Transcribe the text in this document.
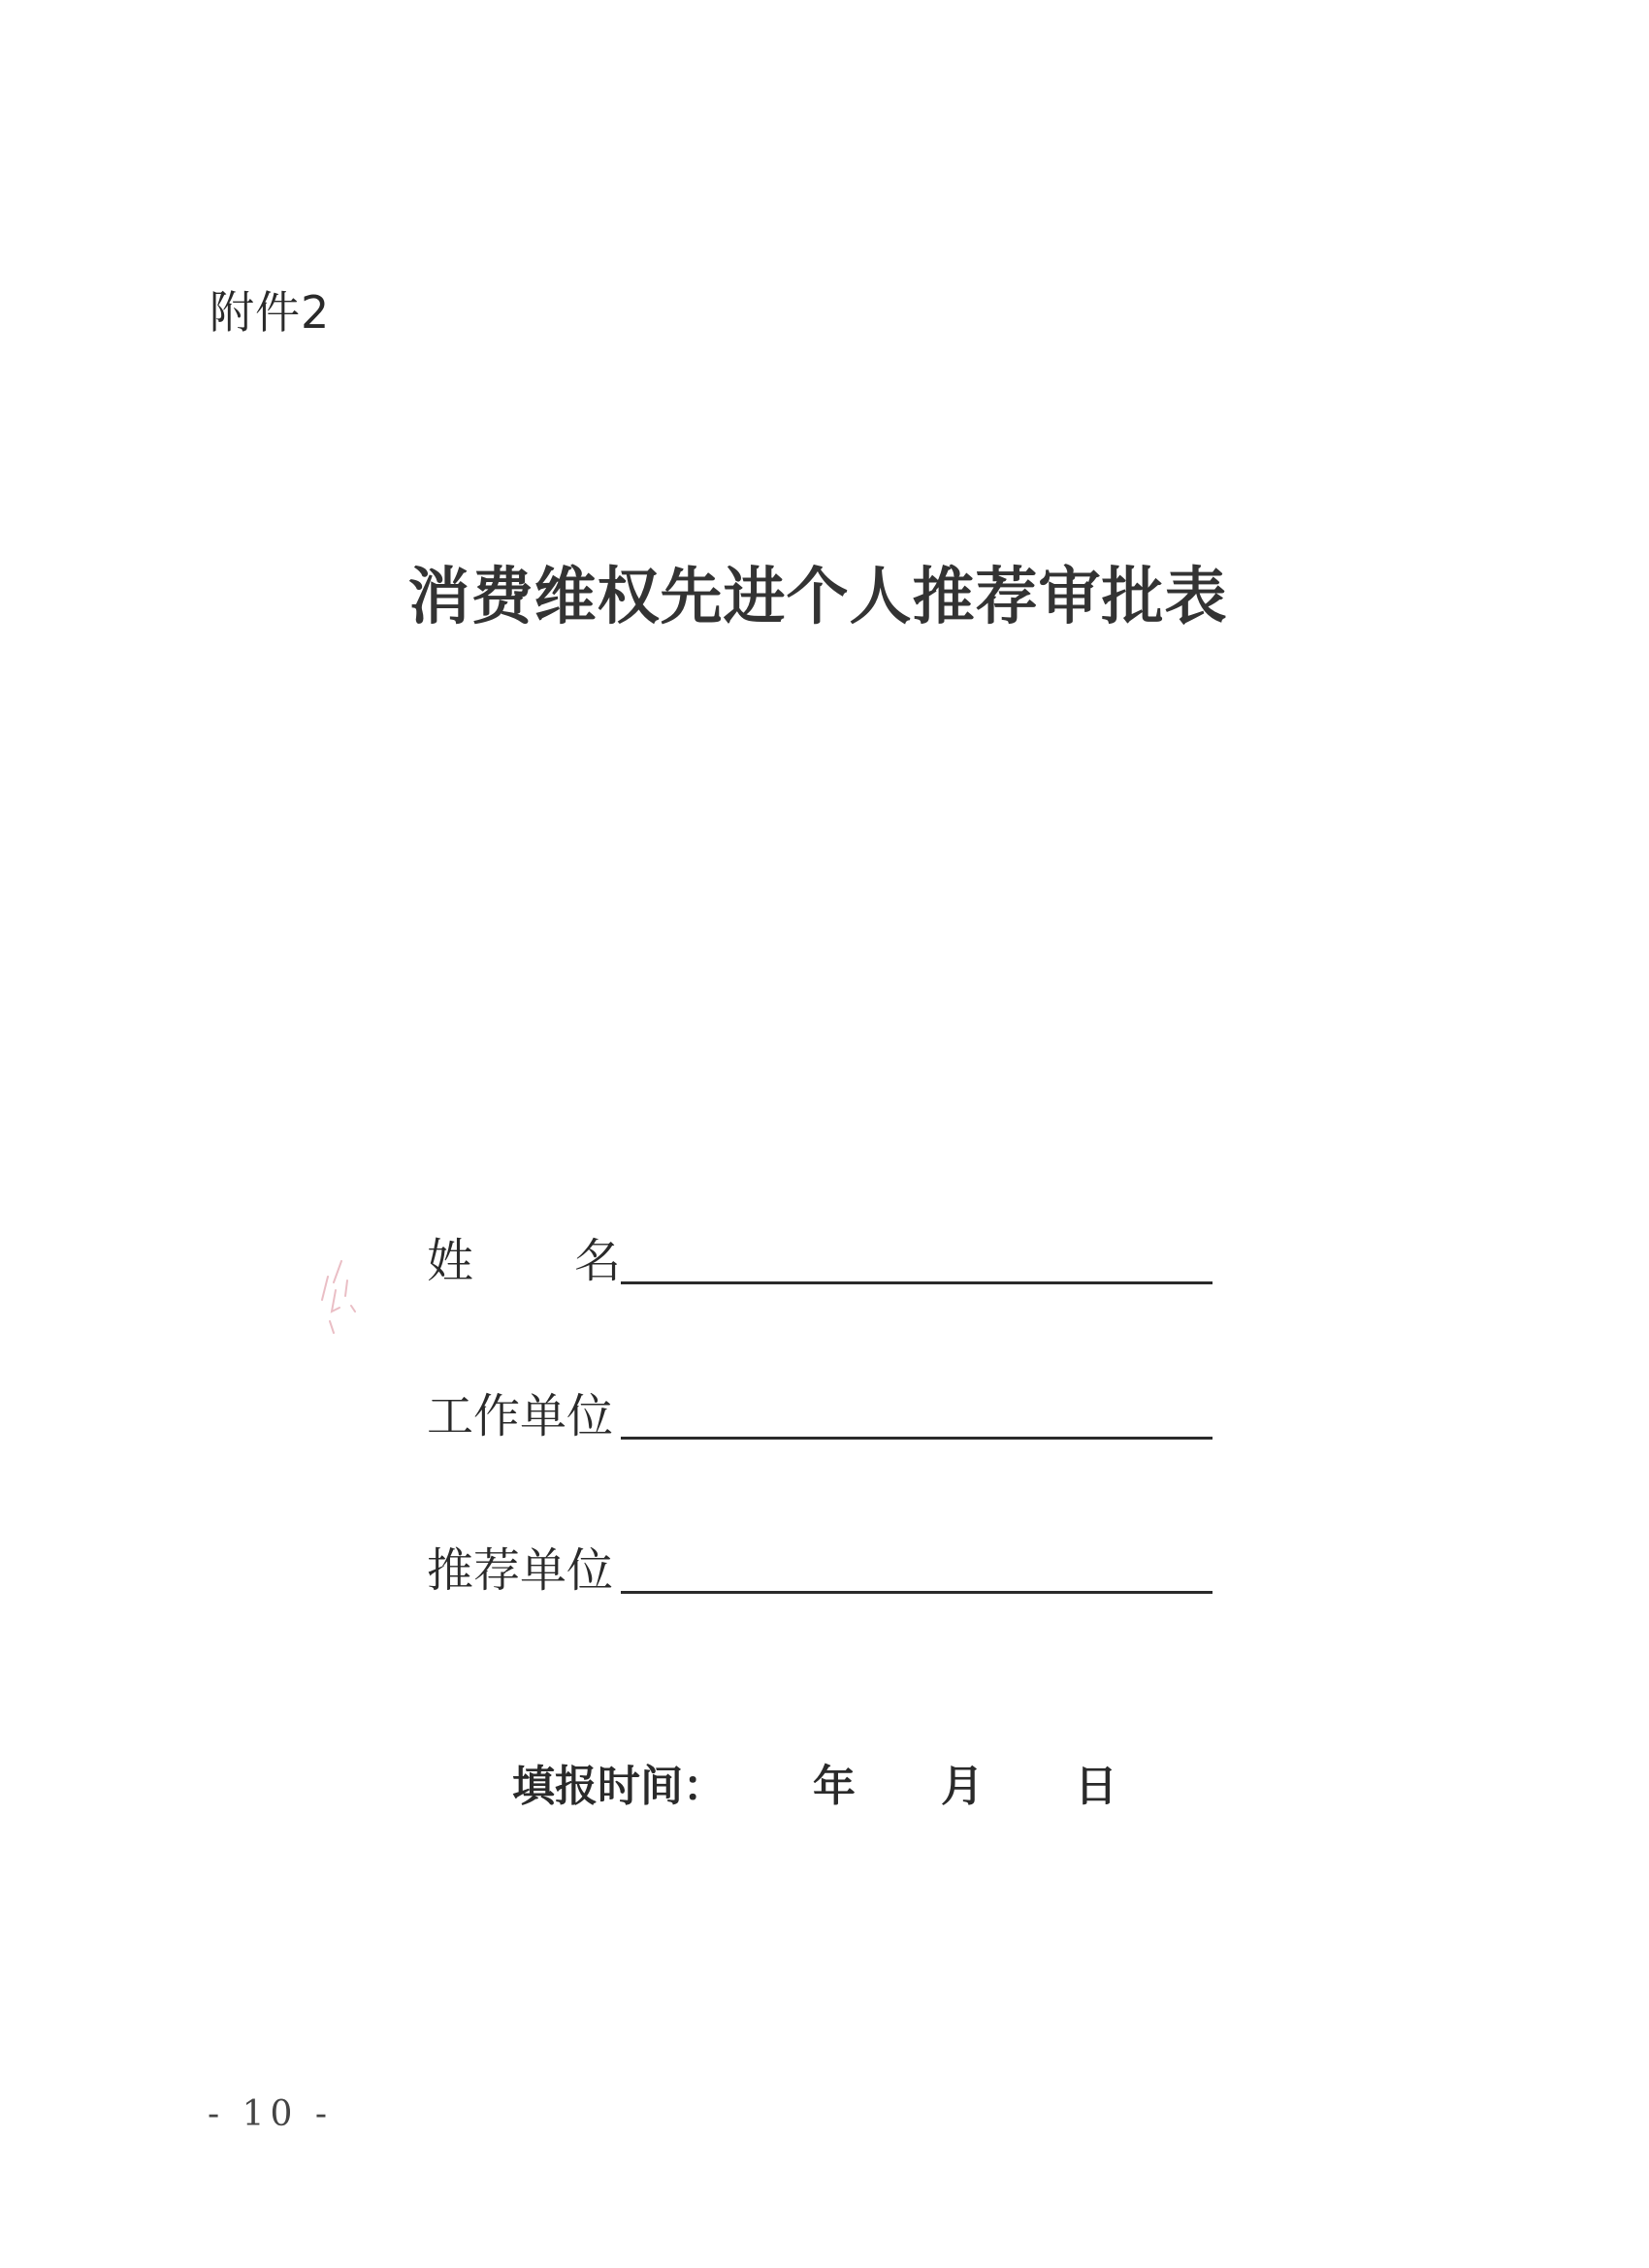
附件2
消费维权先进个人推荐审批表
姓 名
工作单位
推荐单位
填报时间： 年 月 日
- 10 -
